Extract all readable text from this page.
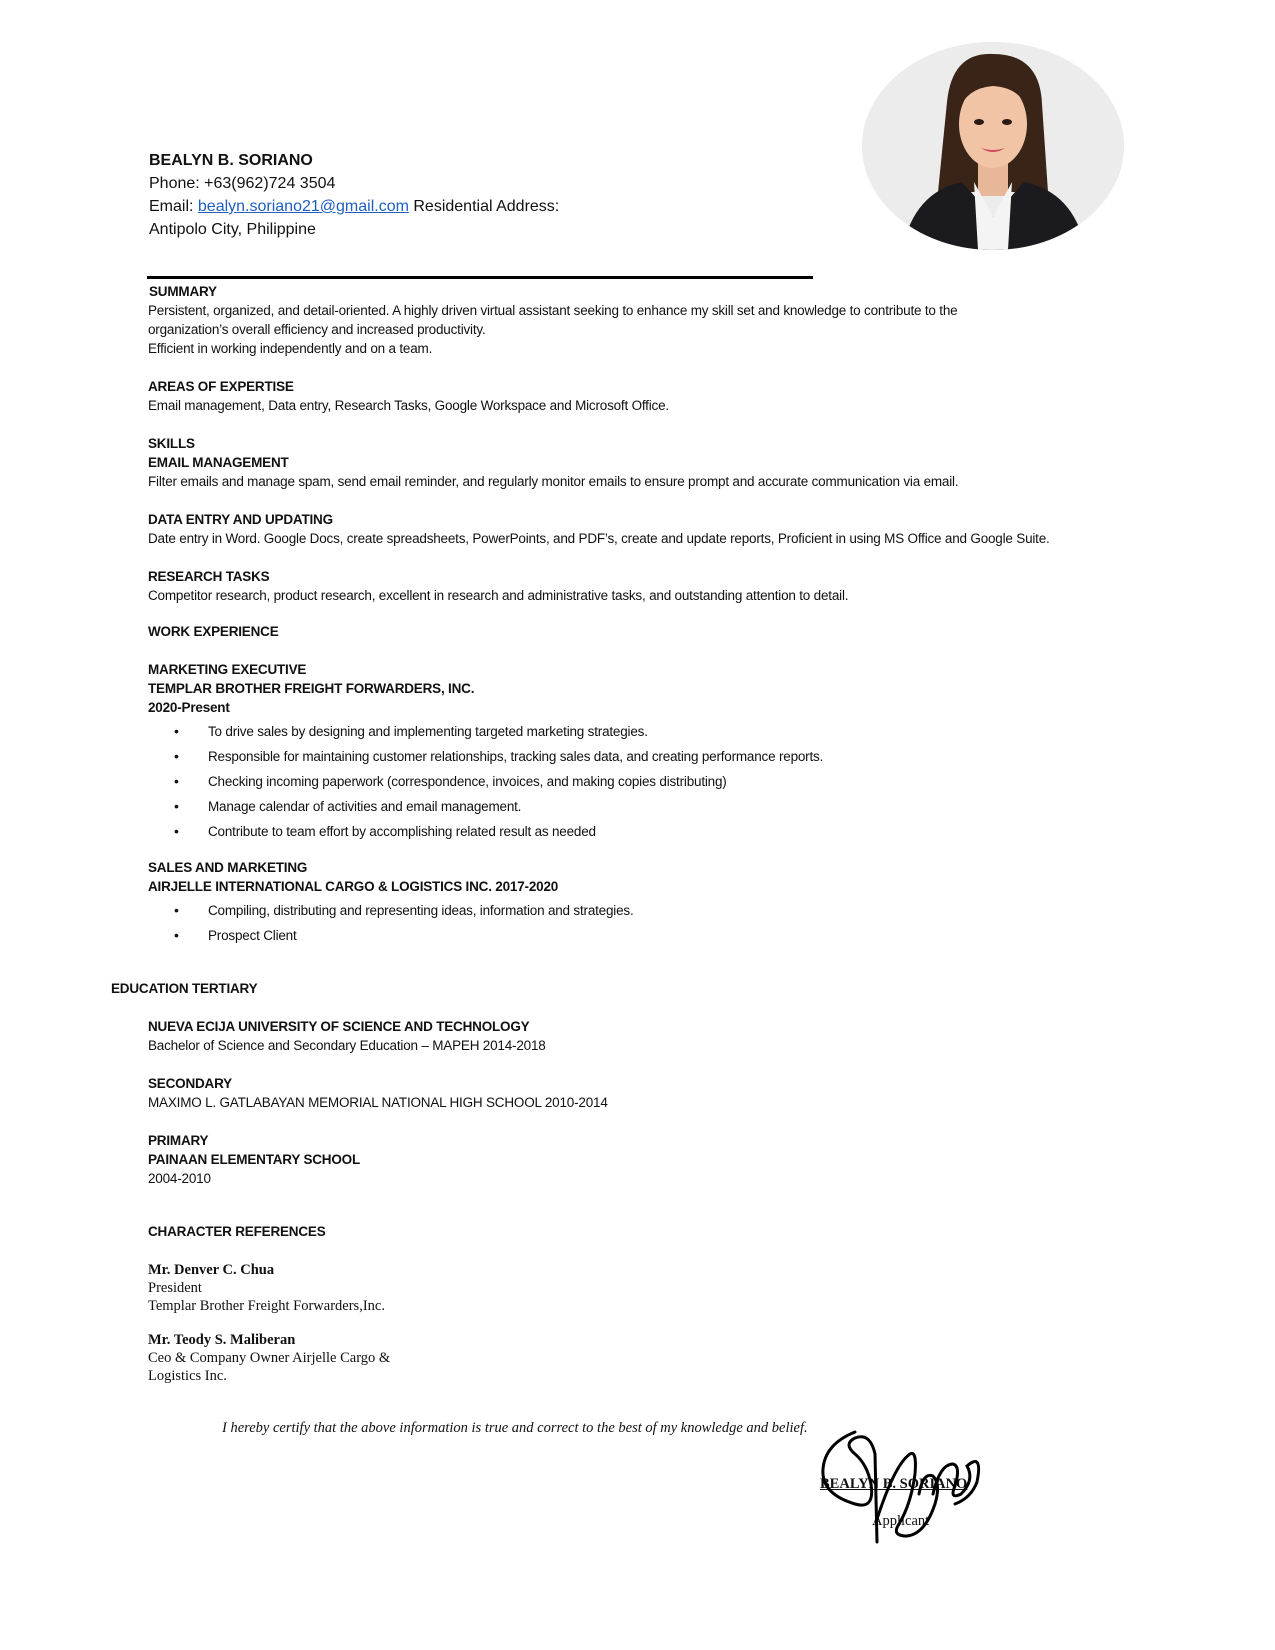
BEALYN B. SORIANO
Phone: +63(962)724 3504
Email: bealyn.soriano21@gmail.com Residential Address:
Antipolo City, Philippine
SUMMARY
Persistent, organized, and detail-oriented. A highly driven virtual assistant seeking to enhance my skill set and knowledge to contribute to the
organization’s overall efficiency and increased productivity.
Efficient in working independently and on a team.
AREAS OF EXPERTISE
Email management, Data entry, Research Tasks, Google Workspace and Microsoft Office.
SKILLS
EMAIL MANAGEMENT
Filter emails and manage spam, send email reminder, and regularly monitor emails to ensure prompt and accurate communication via email.
DATA ENTRY AND UPDATING
Date entry in Word. Google Docs, create spreadsheets, PowerPoints, and PDF’s, create and update reports, Proficient in using MS Office and Google Suite.
RESEARCH TASKS
Competitor research, product research, excellent in research and administrative tasks, and outstanding attention to detail.
WORK EXPERIENCE
MARKETING EXECUTIVE
TEMPLAR BROTHER FREIGHT FORWARDERS, INC.
2020-Present
• To drive sales by designing and implementing targeted marketing strategies.
• Responsible for maintaining customer relationships, tracking sales data, and creating performance reports.
• Checking incoming paperwork (correspondence, invoices, and making copies distributing)
• Manage calendar of activities and email management.
• Contribute to team effort by accomplishing related result as needed
SALES AND MARKETING
AIRJELLE INTERNATIONAL CARGO & LOGISTICS INC. 2017-2020
• Compiling, distributing and representing ideas, information and strategies.
• Prospect Client
EDUCATION TERTIARY
NUEVA ECIJA UNIVERSITY OF SCIENCE AND TECHNOLOGY
Bachelor of Science and Secondary Education – MAPEH 2014-2018
SECONDARY
MAXIMO L. GATLABAYAN MEMORIAL NATIONAL HIGH SCHOOL 2010-2014
PRIMARY
PAINAAN ELEMENTARY SCHOOL
2004-2010
CHARACTER REFERENCES
Mr. Denver C. Chua
President
Templar Brother Freight Forwarders,Inc.
Mr. Teody S. Maliberan
Ceo & Company Owner Airjelle Cargo &
Logistics Inc.
I hereby certify that the above information is true and correct to the best of my knowledge and belief.
BEALYN B. SORIANO
Applicant
